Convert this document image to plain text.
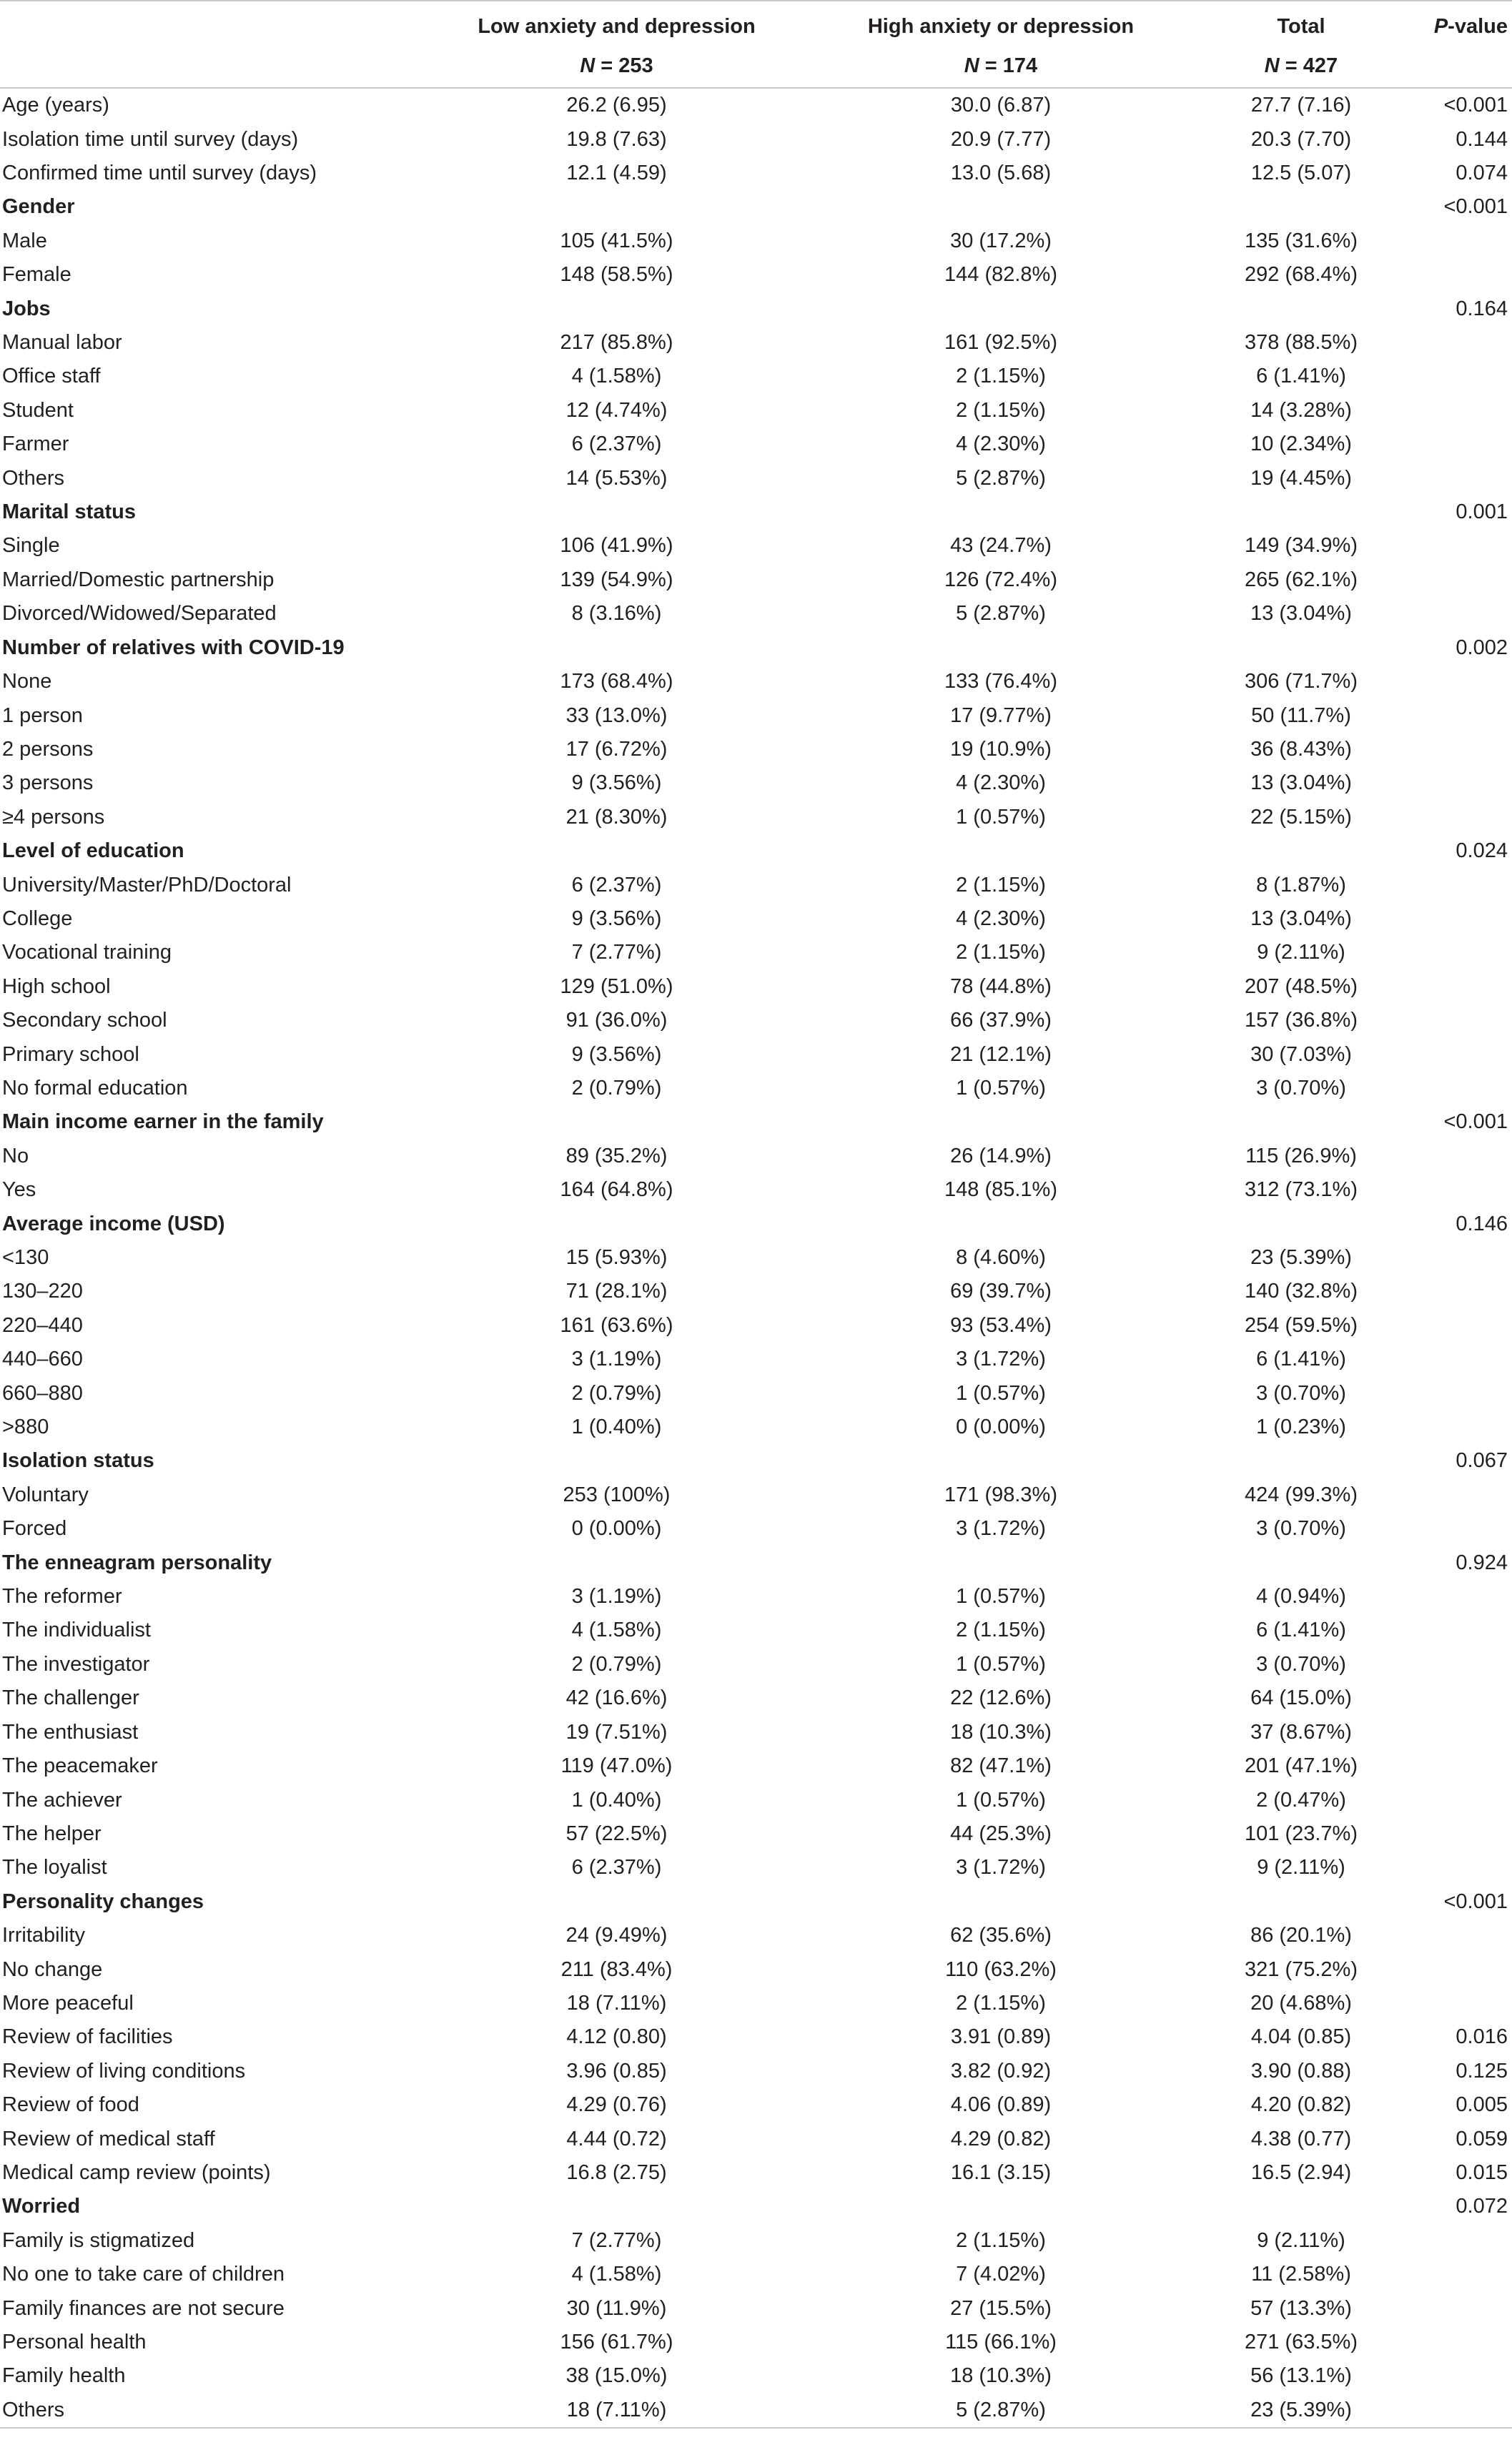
	Low anxiety and depression	High anxiety or depression	Total	P-value
	N = 253	N = 174	N = 427	
Age (years)	26.2 (6.95)	30.0 (6.87)	27.7 (7.16)	<0.001
Isolation time until survey (days)	19.8 (7.63)	20.9 (7.77)	20.3 (7.70)	0.144
Confirmed time until survey (days)	12.1 (4.59)	13.0 (5.68)	12.5 (5.07)	0.074
Gender				<0.001
Male	105 (41.5%)	30 (17.2%)	135 (31.6%)	
Female	148 (58.5%)	144 (82.8%)	292 (68.4%)	
Jobs				0.164
Manual labor	217 (85.8%)	161 (92.5%)	378 (88.5%)	
Office staff	4 (1.58%)	2 (1.15%)	6 (1.41%)	
Student	12 (4.74%)	2 (1.15%)	14 (3.28%)	
Farmer	6 (2.37%)	4 (2.30%)	10 (2.34%)	
Others	14 (5.53%)	5 (2.87%)	19 (4.45%)	
Marital status				0.001
Single	106 (41.9%)	43 (24.7%)	149 (34.9%)	
Married/Domestic partnership	139 (54.9%)	126 (72.4%)	265 (62.1%)	
Divorced/Widowed/Separated	8 (3.16%)	5 (2.87%)	13 (3.04%)	
Number of relatives with COVID-19				0.002
None	173 (68.4%)	133 (76.4%)	306 (71.7%)	
1 person	33 (13.0%)	17 (9.77%)	50 (11.7%)	
2 persons	17 (6.72%)	19 (10.9%)	36 (8.43%)	
3 persons	9 (3.56%)	4 (2.30%)	13 (3.04%)	
≥4 persons	21 (8.30%)	1 (0.57%)	22 (5.15%)	
Level of education				0.024
University/Master/PhD/Doctoral	6 (2.37%)	2 (1.15%)	8 (1.87%)	
College	9 (3.56%)	4 (2.30%)	13 (3.04%)	
Vocational training	7 (2.77%)	2 (1.15%)	9 (2.11%)	
High school	129 (51.0%)	78 (44.8%)	207 (48.5%)	
Secondary school	91 (36.0%)	66 (37.9%)	157 (36.8%)	
Primary school	9 (3.56%)	21 (12.1%)	30 (7.03%)	
No formal education	2 (0.79%)	1 (0.57%)	3 (0.70%)	
Main income earner in the family				<0.001
No	89 (35.2%)	26 (14.9%)	115 (26.9%)	
Yes	164 (64.8%)	148 (85.1%)	312 (73.1%)	
Average income (USD)				0.146
<130	15 (5.93%)	8 (4.60%)	23 (5.39%)	
130–220	71 (28.1%)	69 (39.7%)	140 (32.8%)	
220–440	161 (63.6%)	93 (53.4%)	254 (59.5%)	
440–660	3 (1.19%)	3 (1.72%)	6 (1.41%)	
660–880	2 (0.79%)	1 (0.57%)	3 (0.70%)	
>880	1 (0.40%)	0 (0.00%)	1 (0.23%)	
Isolation status				0.067
Voluntary	253 (100%)	171 (98.3%)	424 (99.3%)	
Forced	0 (0.00%)	3 (1.72%)	3 (0.70%)	
The enneagram personality				0.924
The reformer	3 (1.19%)	1 (0.57%)	4 (0.94%)	
The individualist	4 (1.58%)	2 (1.15%)	6 (1.41%)	
The investigator	2 (0.79%)	1 (0.57%)	3 (0.70%)	
The challenger	42 (16.6%)	22 (12.6%)	64 (15.0%)	
The enthusiast	19 (7.51%)	18 (10.3%)	37 (8.67%)	
The peacemaker	119 (47.0%)	82 (47.1%)	201 (47.1%)	
The achiever	1 (0.40%)	1 (0.57%)	2 (0.47%)	
The helper	57 (22.5%)	44 (25.3%)	101 (23.7%)	
The loyalist	6 (2.37%)	3 (1.72%)	9 (2.11%)	
Personality changes				<0.001
Irritability	24 (9.49%)	62 (35.6%)	86 (20.1%)	
No change	211 (83.4%)	110 (63.2%)	321 (75.2%)	
More peaceful	18 (7.11%)	2 (1.15%)	20 (4.68%)	
Review of facilities	4.12 (0.80)	3.91 (0.89)	4.04 (0.85)	0.016
Review of living conditions	3.96 (0.85)	3.82 (0.92)	3.90 (0.88)	0.125
Review of food	4.29 (0.76)	4.06 (0.89)	4.20 (0.82)	0.005
Review of medical staff	4.44 (0.72)	4.29 (0.82)	4.38 (0.77)	0.059
Medical camp review (points)	16.8 (2.75)	16.1 (3.15)	16.5 (2.94)	0.015
Worried				0.072
Family is stigmatized	7 (2.77%)	2 (1.15%)	9 (2.11%)	
No one to take care of children	4 (1.58%)	7 (4.02%)	11 (2.58%)	
Family finances are not secure	30 (11.9%)	27 (15.5%)	57 (13.3%)	
Personal health	156 (61.7%)	115 (66.1%)	271 (63.5%)	
Family health	38 (15.0%)	18 (10.3%)	56 (13.1%)	
Others	18 (7.11%)	5 (2.87%)	23 (5.39%)	
